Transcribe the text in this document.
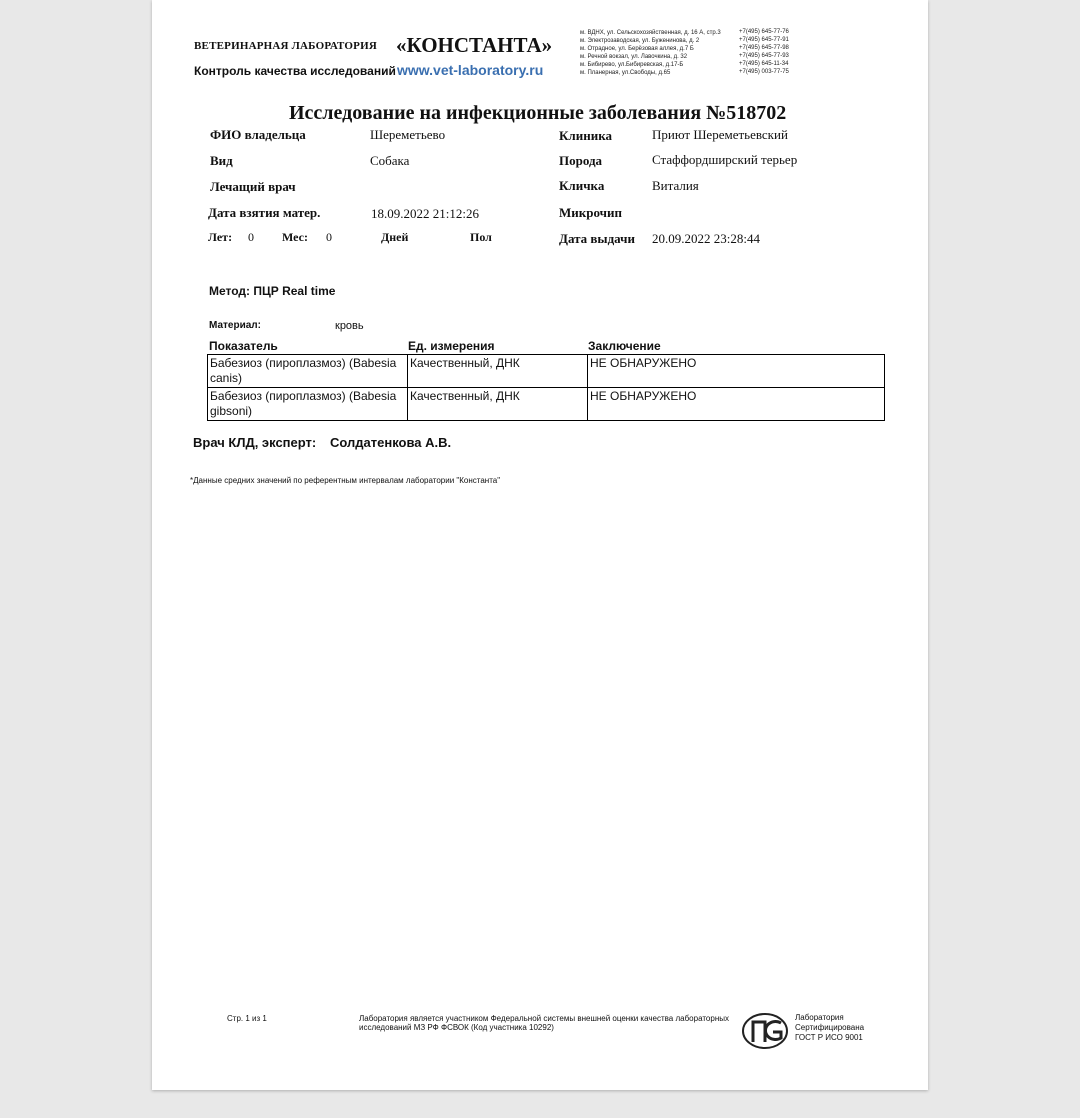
ВЕТЕРИНАРНАЯ ЛАБОРАТОРИЯ «КОНСТАНТА»
Контроль качества исследований www.vet-laboratory.ru
м. ВДНХ, ул. Сельскохозяйственная, д. 16 А, стр.3	+7(495) 645-77-76
м. Электрозаводская, ул. Буженинова, д. 2	+7(495) 645-77-91
м. Отрадное, ул. Берёзовая аллея, д.7 Б	+7(495) 645-77-98
м. Речной вокзал, ул. Лавочкина, д. 32	+7(495) 645-77-93
м. Бибирево, ул.Бибиревская, д.17-Б	+7(495) 645-11-34
м. Планерная, ул.Свободы, д.65	+7(495) 003-77-75
Исследование на инфекционные заболевания №518702
ФИО владельца	Шереметьево
Вид	Собака
Лечащий врач
Дата взятия матер.	18.09.2022 21:12:26
Лет: 0 Мес: 0	Дней	Пол
Клиника	Приют Шереметьевский
Порода	Стаффордширский терьер
Кличка	Виталия
Микрочип
Дата выдачи 20.09.2022 23:28:44
Метод: ПЦР Real time
Материал:	кровь
Показатель	Ед. измерения	Заключение
Бабезиоз (пироплазмоз) (Babesia canis)	Качественный, ДНК	НЕ ОБНАРУЖЕНО
Бабезиоз (пироплазмоз) (Babesia gibsoni)	Качественный, ДНК	НЕ ОБНАРУЖЕНО
Врач КЛД, эксперт: Солдатенкова А.В.
*Данные средних значений по референтным интервалам лаборатории "Константа"
Стр. 1 из 1	Лаборатория является участником Федеральной системы внешней оценки качества лабораторных исследований МЗ РФ ФСВОК (Код участника 10292)
Лаборатория
Сертифицирована
ГОСТ Р ИСО 9001
